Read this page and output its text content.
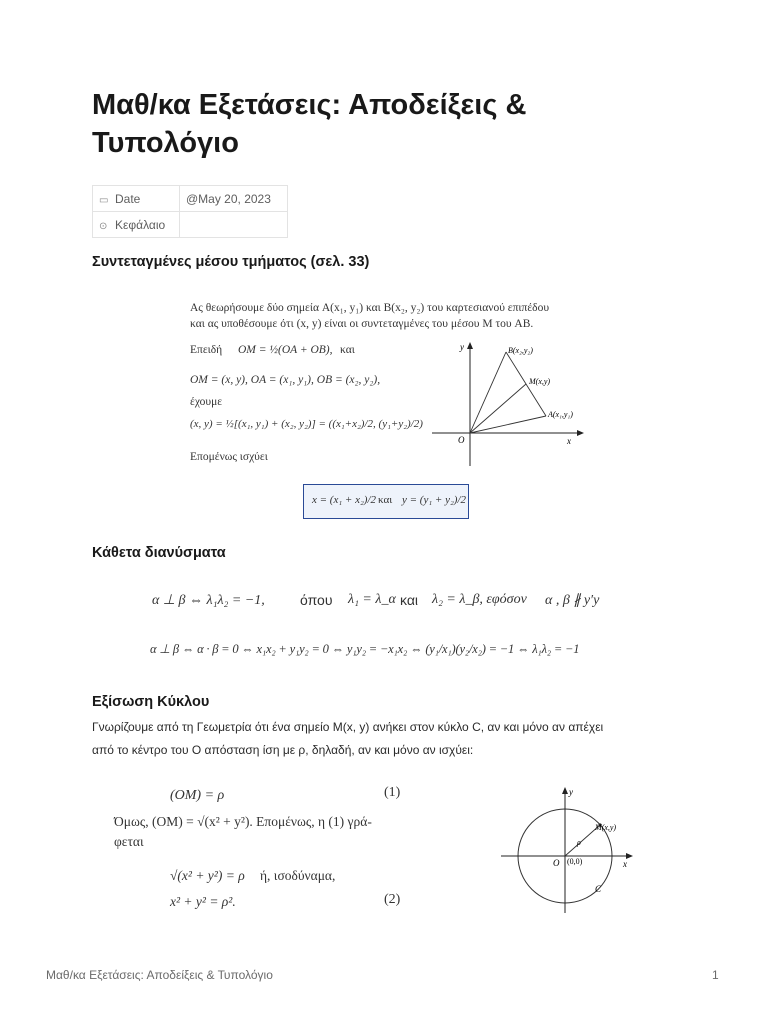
Μαθ/κα Εξετάσεις: Αποδείξεις &
Τυπολόγιο
▭ Date	@May 20, 2023
⊙ Κεφάλαιο	
Συντεταγμένες μέσου τμήματος (σελ. 33)
Ας θεωρήσουμε δύο σημεία A(x₁, y₁) και B(x₂, y₂) του καρτεσιανού επιπέδου
και ας υποθέσουμε ότι (x, y) είναι οι συντεταγμένες του μέσου M του AB.
Επειδή OM = ½(OA + OB), και
OM = (x, y), OA = (x₁, y₁), OB = (x₂, y₂),
έχουμε
(x, y) = ½[(x₁, y₁) + (x₂, y₂)] = ((x₁+x₂)/2, (y₁+y₂)/2)
Επομένως ισχύει
y
x
O
B(x₂,y₂)
M(x,y)
A(x₁,y₁)
x = (x₁ + x₂)/2 και y = (y₁ + y₂)/2
Κάθετα διανύσματα
α ⊥ β ⇔ λ₁λ₂ = −1,	όπου λ₁ = λ_α και λ₂ = λ_β, εφόσον α , β ∦ y′y
α ⊥ β ⇔ α · β = 0 ⇔ x₁x₂ + y₁y₂ = 0 ⇔ y₁y₂ = −x₁x₂ ⇔ (y₁/x₁)(y₂/x₂) = −1 ⇔ λ₁λ₂ = −1
Εξίσωση Κύκλου
Γνωρίζουμε από τη Γεωμετρία ότι ένα σημείο Μ(x, y) ανήκει στον κύκλο C, αν και μόνο αν απέχει
από το κέντρο του O απόσταση ίση με ρ, δηλαδή, αν και μόνο αν ισχύει:
(OM) = ρ	(1)
Όμως, (OM) = √(x² + y²). Επομένως, η (1) γρά-
φεται
√(x² + y²) = ρ ή, ισοδύναμα,
x² + y² = ρ².	(2)
y
x
O (0,0)
M(x,y)
ρ
C
Μαθ/κα Εξετάσεις: Αποδείξεις & Τυπολόγιο	1
